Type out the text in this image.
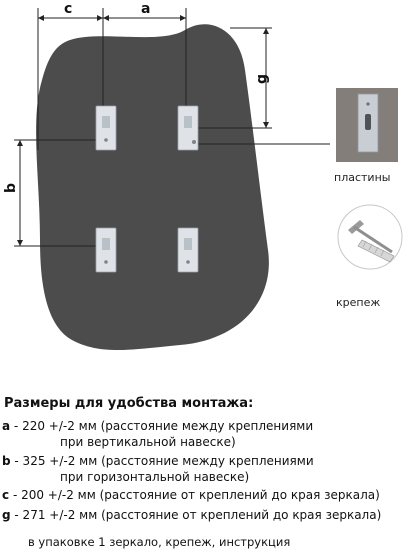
c	a
g
b
пластины
крепеж
Размеры для удобства монтажа:
a - 220 +/-2 мм (расстояние между креплениями
при вертикальной навеске)
b - 325 +/-2 мм (расстояние между креплениями
при горизонтальной навеске)
c - 200 +/-2 мм (расстояние от креплений до края зеркала)
g - 271 +/-2 мм (расстояние от креплений до края зеркала)
в упаковке 1 зеркало, крепеж, инструкция
